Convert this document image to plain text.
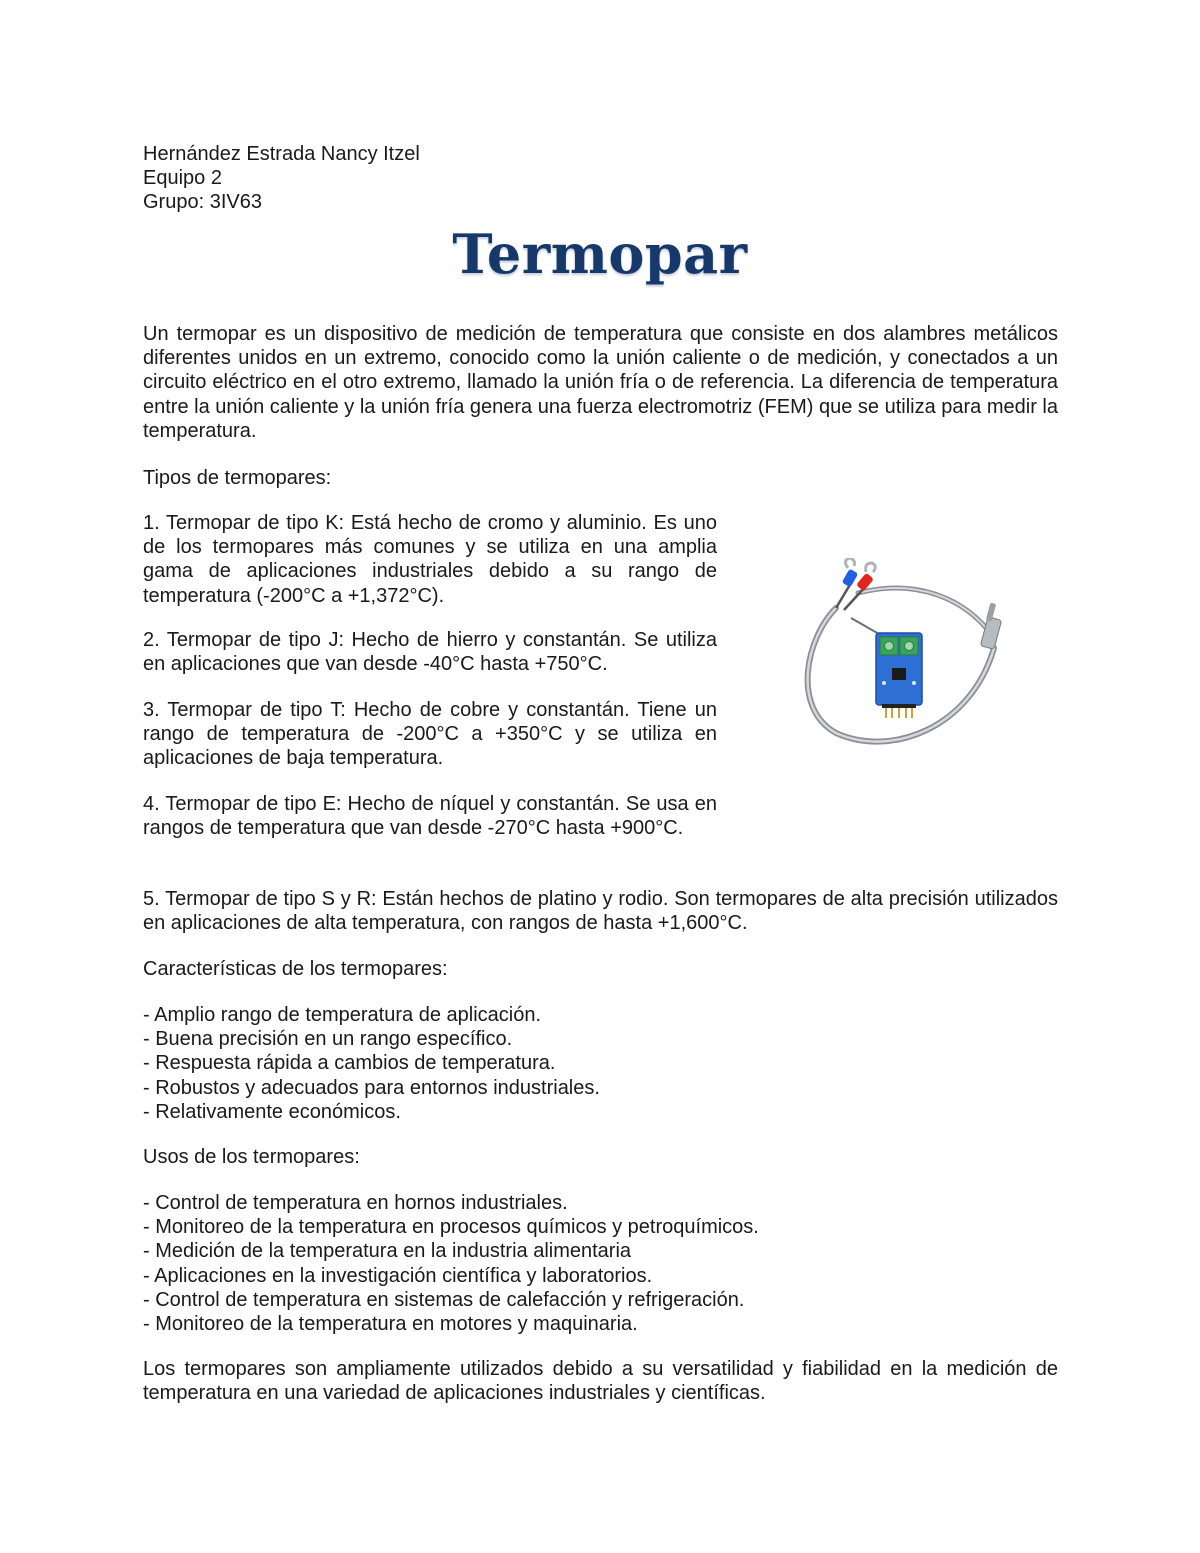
Hernández Estrada Nancy Itzel

Equipo 2

Grupo: 3IV63

Termopar

Un termopar es un dispositivo de medición de temperatura que consiste en dos alambres metálicos diferentes unidos en un extremo, conocido como la unión caliente o de medición, y conectados a un circuito eléctrico en el otro extremo, llamado la unión fría o de referencia. La diferencia de temperatura entre la unión caliente y la unión fría genera una fuerza electromotriz (FEM) que se utiliza para medir la temperatura.

Tipos de termopares:

1. Termopar de tipo K: Está hecho de cromo y aluminio. Es uno de los termopares más comunes y se utiliza en una amplia gama de aplicaciones industriales debido a su rango de temperatura (-200°C a +1,372°C).

2. Termopar de tipo J: Hecho de hierro y constantán. Se utiliza en aplicaciones que van desde -40°C hasta +750°C.

3. Termopar de tipo T: Hecho de cobre y constantán. Tiene un rango de temperatura de -200°C a +350°C y se utiliza en aplicaciones de baja temperatura.

4. Termopar de tipo E: Hecho de níquel y constantán. Se usa en rangos de temperatura que van desde -270°C hasta +900°C.

5. Termopar de tipo S y R: Están hechos de platino y rodio. Son termopares de alta precisión utilizados en aplicaciones de alta temperatura, con rangos de hasta +1,600°C.

Características de los termopares:

- Amplio rango de temperatura de aplicación.
- Buena precisión en un rango específico.
- Respuesta rápida a cambios de temperatura.
- Robustos y adecuados para entornos industriales.
- Relativamente económicos.

Usos de los termopares:

- Control de temperatura en hornos industriales.
- Monitoreo de la temperatura en procesos químicos y petroquímicos.
- Medición de la temperatura en la industria alimentaria
- Aplicaciones en la investigación científica y laboratorios.
- Control de temperatura en sistemas de calefacción y refrigeración.
- Monitoreo de la temperatura en motores y maquinaria.

Los termopares son ampliamente utilizados debido a su versatilidad y fiabilidad en la medición de temperatura en una variedad de aplicaciones industriales y científicas.
